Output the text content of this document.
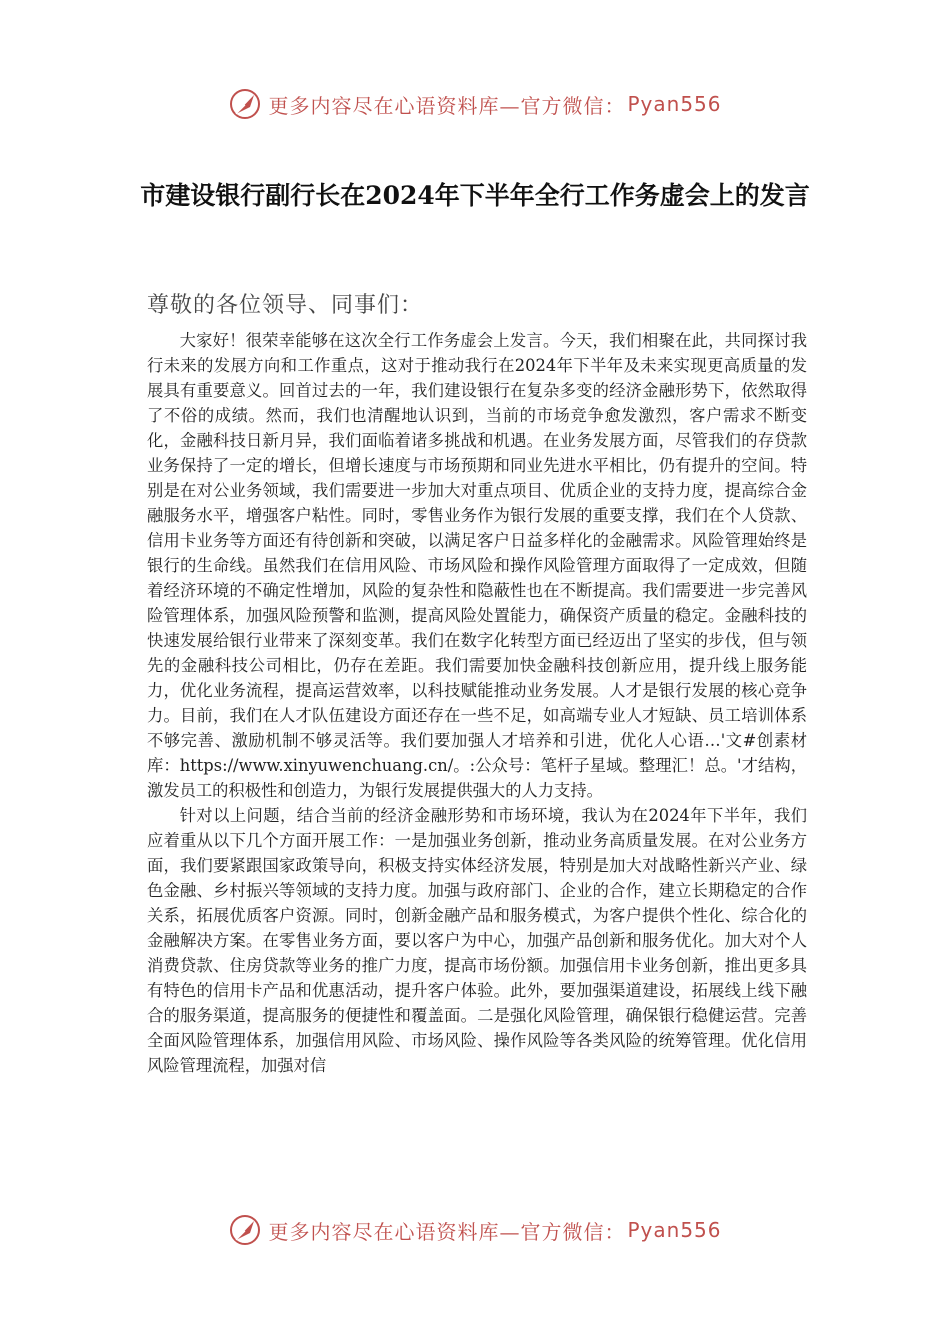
更多内容尽在心语资料库—官方微信： Pyan556
市建设银行副行长在2024年下半年全行工作务虚会上的发言
尊敬的各位领导、同事们：

大家好！很荣幸能够在这次全行工作务虚会上发言。今天，我们相聚在此，共同探讨我行未来的发展方向和工作重点，这对于推动我行在2024年下半年及未来实现更高质量的发展具有重要意义。回首过去的一年，我们建设银行在复杂多变的经济金融形势下，依然取得了不俗的成绩。然而，我们也清醒地认识到，当前的市场竞争愈发激烈，客户需求不断变化，金融科技日新月异，我们面临着诸多挑战和机遇。在业务发展方面，尽管我们的存贷款业务保持了一定的增长，但增长速度与市场预期和同业先进水平相比，仍有提升的空间。特别是在对公业务领域，我们需要进一步加大对重点项目、优质企业的支持力度，提高综合金融服务水平，增强客户粘性。同时，零售业务作为银行发展的重要支撑，我们在个人贷款、信用卡业务等方面还有待创新和突破，以满足客户日益多样化的金融需求。风险管理始终是银行的生命线。虽然我们在信用风险、市场风险和操作风险管理方面取得了一定成效，但随着经济环境的不确定性增加，风险的复杂性和隐蔽性也在不断提高。我们需要进一步完善风险管理体系，加强风险预警和监测，提高风险处置能力，确保资产质量的稳定。金融科技的快速发展给银行业带来了深刻变革。我们在数字化转型方面已经迈出了坚实的步伐，但与领先的金融科技公司相比，仍存在差距。我们需要加快金融科技创新应用，提升线上服务能力，优化业务流程，提高运营效率，以科技赋能推动业务发展。人才是银行发展的核心竞争力。目前，我们在人才队伍建设方面还存在一些不足，如高端专业人才短缺、员工培训体系不够完善、激励机制不够灵活等。我们要加强人才培养和引进，优化人心语…'文#创素材库：https://www.xinyuwenchuang.cn/。:公众号：笔杆子星域。整理汇！总。'才结构，激发员工的积极性和创造力，为银行发展提供强大的人力支持。

针对以上问题，结合当前的经济金融形势和市场环境，我认为在2024年下半年，我们应着重从以下几个方面开展工作：一是加强业务创新，推动业务高质量发展。在对公业务方面，我们要紧跟国家政策导向，积极支持实体经济发展，特别是加大对战略性新兴产业、绿色金融、乡村振兴等领域的支持力度。加强与政府部门、企业的合作，建立长期稳定的合作关系，拓展优质客户资源。同时，创新金融产品和服务模式，为客户提供个性化、综合化的金融解决方案。在零售业务方面，要以客户为中心，加强产品创新和服务优化。加大对个人消费贷款、住房贷款等业务的推广力度，提高市场份额。加强信用卡业务创新，推出更多具有特色的信用卡产品和优惠活动，提升客户体验。此外，要加强渠道建设，拓展线上线下融合的服务渠道，提高服务的便捷性和覆盖面。二是强化风险管理，确保银行稳健运营。完善全面风险管理体系，加强信用风险、市场风险、操作风险等各类风险的统筹管理。优化信用风险管理流程，加强对信

更多内容尽在心语资料库—官方微信： Pyan556
